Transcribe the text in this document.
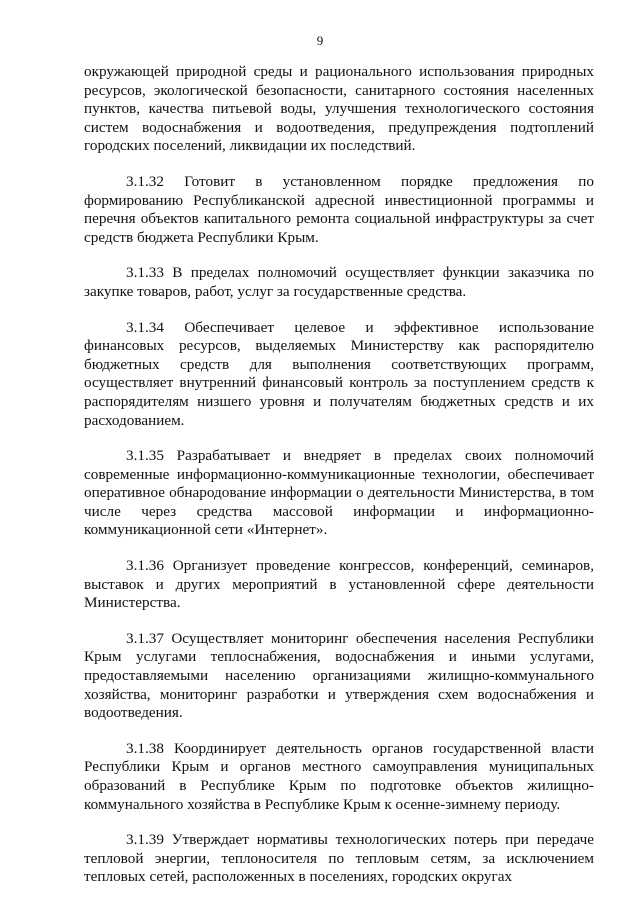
9

окружающей природной среды и рационального использования природных ресурсов, экологической безопасности, санитарного состояния населенных пунктов, качества питьевой воды, улучшения технологического состояния систем водоснабжения и водоотведения, предупреждения подтоплений городских поселений, ликвидации их последствий.

3.1.32 Готовит в установленном порядке предложения по формированию Республиканской адресной инвестиционной программы и перечня объектов капитального ремонта социальной инфраструктуры за счет средств бюджета Республики Крым.

3.1.33 В пределах полномочий осуществляет функции заказчика по закупке товаров, работ, услуг за государственные средства.

3.1.34 Обеспечивает целевое и эффективное использование финансовых ресурсов, выделяемых Министерству как распорядителю бюджетных средств для выполнения соответствующих программ, осуществляет внутренний финансовый контроль за поступлением средств к распорядителям низшего уровня и получателям бюджетных средств и их расходованием.

3.1.35 Разрабатывает и внедряет в пределах своих полномочий современные информационно-коммуникационные технологии, обеспечивает оперативное обнародование информации о деятельности Министерства, в том числе через средства массовой информации и информационно-коммуникационной сети «Интернет».

3.1.36 Организует проведение конгрессов, конференций, семинаров, выставок и других мероприятий в установленной сфере деятельности Министерства.

3.1.37 Осуществляет мониторинг обеспечения населения Республики Крым услугами теплоснабжения, водоснабжения и иными услугами, предоставляемыми населению организациями жилищно-коммунального хозяйства, мониторинг разработки и утверждения схем водоснабжения и водоотведения.

3.1.38 Координирует деятельность органов государственной власти Республики Крым и органов местного самоуправления муниципальных образований в Республике Крым по подготовке объектов жилищно-коммунального хозяйства в Республике Крым к осенне-зимнему периоду.

3.1.39 Утверждает нормативы технологических потерь при передаче тепловой энергии, теплоносителя по тепловым сетям, за исключением тепловых сетей, расположенных в поселениях, городских округах
